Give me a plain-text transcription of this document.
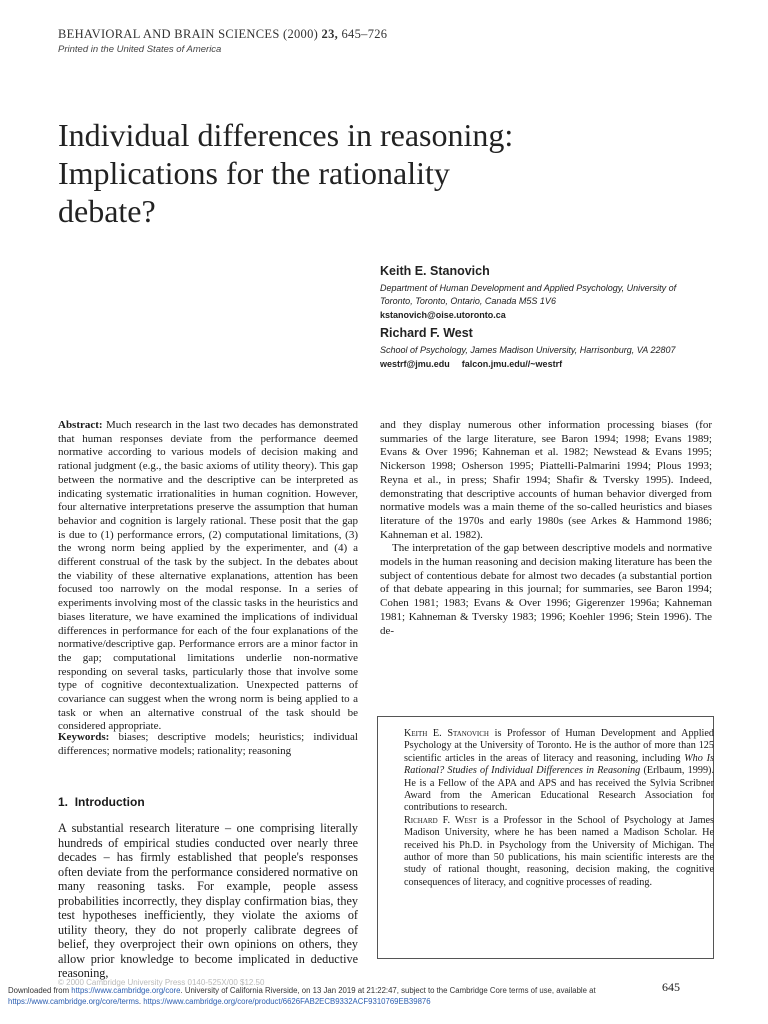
BEHAVIORAL AND BRAIN SCIENCES (2000) 23, 645–726
Printed in the United States of America
Individual differences in reasoning:
Implications for the rationality
debate?
Keith E. Stanovich
Department of Human Development and Applied Psychology, University of
Toronto, Toronto, Ontario, Canada M5S 1V6
kstanovich@oise.utoronto.ca
Richard F. West
School of Psychology, James Madison University, Harrisonburg, VA 22807
westrf@jmu.edu falcon.jmu.edu//~westrf
Abstract: Much research in the last two decades has demonstrated that human responses deviate from the performance deemed normative according to various models of decision making and rational judgment (e.g., the basic axioms of utility theory). This gap between the normative and the descriptive can be interpreted as indicating systematic irrationalities in human cognition. However, four alternative interpretations preserve the assumption that human behavior and cognition is largely rational. These posit that the gap is due to (1) performance errors, (2) computational limitations, (3) the wrong norm being applied by the experimenter, and (4) a different construal of the task by the subject. In the debates about the viability of these alternative explanations, attention has been focused too narrowly on the modal response. In a series of experiments involving most of the classic tasks in the heuristics and biases literature, we have examined the implications of individual differences in performance for each of the four explanations of the normative/descriptive gap. Performance errors are a minor factor in the gap; computational limitations underlie non-normative responding on several tasks, particularly those that involve some type of cognitive decontextualization. Unexpected patterns of covariance can suggest when the wrong norm is being applied to a task or when an alternative construal of the task should be considered appropriate.
Keywords: biases; descriptive models; heuristics; individual differences; normative models; rationality; reasoning
1. Introduction
A substantial research literature – one comprising literally hundreds of empirical studies conducted over nearly three decades – has firmly established that people's responses often deviate from the performance considered normative on many reasoning tasks. For example, people assess probabilities incorrectly, they display confirmation bias, they test hypotheses inefficiently, they violate the axioms of utility theory, they do not properly calibrate degrees of belief, they overproject their own opinions on others, they allow prior knowledge to become implicated in deductive reasoning,
and they display numerous other information processing biases (for summaries of the large literature, see Baron 1994; 1998; Evans 1989; Evans & Over 1996; Kahneman et al. 1982; Newstead & Evans 1995; Nickerson 1998; Osherson 1995; Piattelli-Palmarini 1994; Plous 1993; Reyna et al., in press; Shafir 1994; Shafir & Tversky 1995). Indeed, demonstrating that descriptive accounts of human behavior diverged from normative models was a main theme of the so-called heuristics and biases literature of the 1970s and early 1980s (see Arkes & Hammond 1986; Kahneman et al. 1982).
The interpretation of the gap between descriptive models and normative models in the human reasoning and decision making literature has been the subject of contentious debate for almost two decades (a substantial portion of that debate appearing in this journal; for summaries, see Baron 1994; Cohen 1981; 1983; Evans & Over 1996; Gigerenzer 1996a; Kahneman 1981; Kahneman & Tversky 1983; 1996; Koehler 1996; Stein 1996). The de-

Keith E. Stanovich is Professor of Human Development and Applied Psychology at the University of Toronto. He is the author of more than 125 scientific articles in the areas of literacy and reasoning, including Who Is Rational? Studies of Individual Differences in Reasoning (Erlbaum, 1999). He is a Fellow of the APA and APS and has received the Sylvia Scribner Award from the American Educational Research Association for contributions to research.

Richard F. West is a Professor in the School of Psychology at James Madison University, where he has been named a Madison Scholar. He received his Ph.D. in Psychology from the University of Michigan. The author of more than 50 publications, his main scientific interests are the study of rational thought, reasoning, decision making, the cognitive consequences of literacy, and cognitive processes of reading.

© 2000 Cambridge University Press 0140-525X/00 $12.50	645
Downloaded from https://www.cambridge.org/core. University of California Riverside, on 13 Jan 2019 at 21:22:47, subject to the Cambridge Core terms of use, available at
https://www.cambridge.org/core/terms. https://www.cambridge.org/core/product/6626FAB2ECB9332ACF9310769EB39876
